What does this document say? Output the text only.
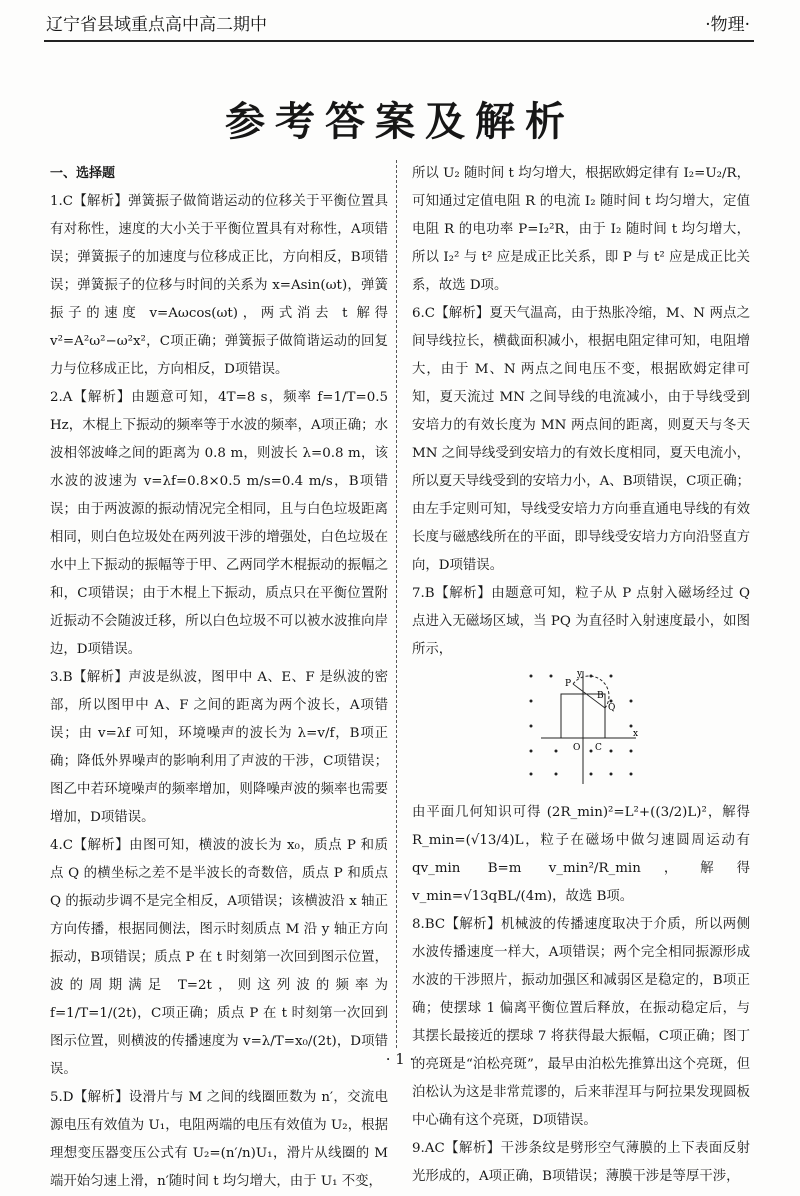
辽宁省县域重点高中高二期中	·物理·
参考答案及解析
一、选择题

1.C【解析】弹簧振子做简谐运动的位移关于平衡位置具有对称性，速度的大小关于平衡位置具有对称性，A项错误；弹簧振子的加速度与位移成正比，方向相反，B项错误；弹簧振子的位移与时间的关系为 x=Asin(ωt)，弹簧振子的速度 v=Aωcos(ωt)，两式消去 t 解得 v²=A²ω²−ω²x²，C项正确；弹簧振子做简谐运动的回复力与位移成正比，方向相反，D项错误。

2.A【解析】由题意可知，4T=8 s，频率 f=1/T=0.5 Hz，木棍上下振动的频率等于水波的频率，A项正确；水波相邻波峰之间的距离为 0.8 m，则波长 λ=0.8 m，该水波的波速为 v=λf=0.8×0.5 m/s=0.4 m/s，B项错误；由于两波源的振动情况完全相同，且与白色垃圾距离相同，则白色垃圾处在两列波干涉的增强处，白色垃圾在水中上下振动的振幅等于甲、乙两同学木棍振动的振幅之和，C项错误；由于木棍上下振动，质点只在平衡位置附近振动不会随波迁移，所以白色垃圾不可以被水波推向岸边，D项错误。

3.B【解析】声波是纵波，图甲中 A、E、F 是纵波的密部，所以图甲中 A、F 之间的距离为两个波长，A项错误；由 v=λf 可知，环境噪声的波长为 λ=v/f，B项正确；降低外界噪声的影响利用了声波的干涉，C项错误；图乙中若环境噪声的频率增加，则降噪声波的频率也需要增加，D项错误。

4.C【解析】由图可知，横波的波长为 x₀，质点 P 和质点 Q 的横坐标之差不是半波长的奇数倍，质点 P 和质点 Q 的振动步调不是完全相反，A项错误；该横波沿 x 轴正方向传播，根据同侧法，图示时刻质点 M 沿 y 轴正方向振动，B项错误；质点 P 在 t 时刻第一次回到图示位置，波的周期满足 T=2t，则这列波的频率为 f=1/T=1/(2t)，C项正确；质点 P 在 t 时刻第一次回到图示位置，则横波的传播速度为 v=λ/T=x₀/(2t)，D项错误。

5.D【解析】设滑片与 M 之间的线圈匝数为 n′，交流电源电压有效值为 U₁，电阻两端的电压有效值为 U₂，根据理想变压器变压公式有 U₂=(n′/n)U₁，滑片从线圈的 M 端开始匀速上滑，n′随时间 t 均匀增大，由于 U₁ 不变，

所以 U₂ 随时间 t 均匀增大，根据欧姆定律有 I₂=U₂/R，可知通过定值电阻 R 的电流 I₂ 随时间 t 均匀增大，定值电阻 R 的电功率 P=I₂²R，由于 I₂ 随时间 t 均匀增大，所以 I₂² 与 t² 应是成正比关系，即 P 与 t² 应是成正比关系，故选 D项。

6.C【解析】夏天气温高，由于热胀冷缩，M、N 两点之间导线拉长，横截面积减小，根据电阻定律可知，电阻增大，由于 M、N 两点之间电压不变，根据欧姆定律可知，夏天流过 MN 之间导线的电流减小，由于导线受到安培力的有效长度为 MN 两点间的距离，则夏天与冬天 MN 之间导线受到安培力的有效长度相同，夏天电流小，所以夏天导线受到的安培力小，A、B项错误，C项正确；由左手定则可知，导线受安培力方向垂直通电导线的有效长度与磁感线所在的平面，即导线受安培力方向沿竖直方向，D项错误。

7.B【解析】由题意可知，粒子从 P 点射入磁场经过 Q 点进入无磁场区域，当 PQ 为直径时入射速度最小，如图所示，

y
P
Q
B
O C
x

由平面几何知识可得 (2R_min)²=L²+((3/2)L)²，解得 R_min=(√13/4)L，粒子在磁场中做匀速圆周运动有 qv_min B=m v_min²/R_min，解得 v_min=√13qBL/(4m)，故选 B项。

8.BC【解析】机械波的传播速度取决于介质，所以两侧水波传播速度一样大，A项错误；两个完全相同振源形成水波的干涉照片，振动加强区和减弱区是稳定的，B项正确；使摆球 1 偏离平衡位置后释放，在振动稳定后，与其摆长最接近的摆球 7 将获得最大振幅，C项正确；图丁的亮斑是“泊松亮斑”，最早由泊松先推算出这个亮斑，但泊松认为这是非常荒谬的，后来菲涅耳与阿拉果发现圆板中心确有这个亮斑，D项错误。

9.AC【解析】干涉条纹是劈形空气薄膜的上下表面反射光形成的，A项正确，B项错误；薄膜干涉是等厚干涉，

· 1 ·
